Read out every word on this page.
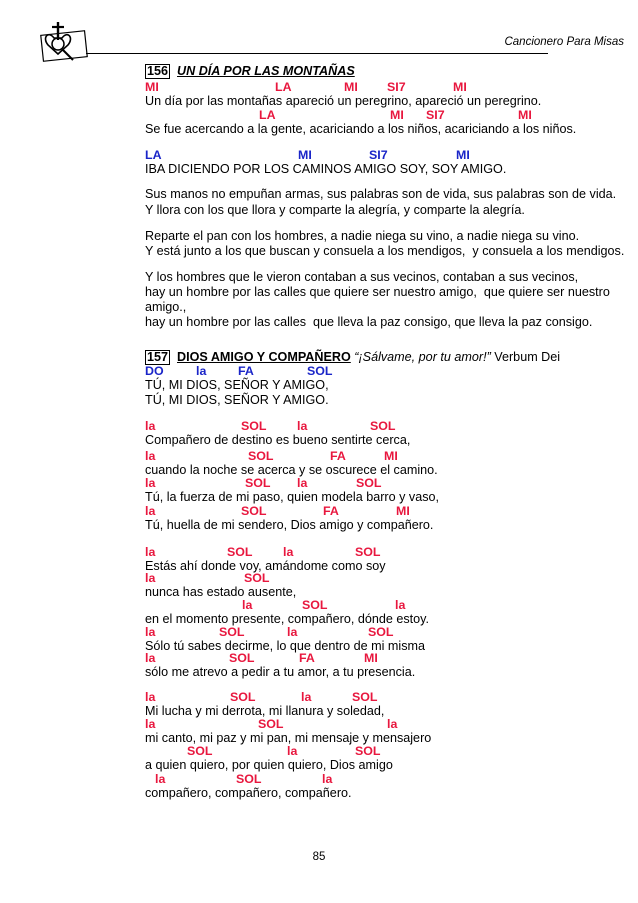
Cancionero Para Misas
156 UN DÍA POR LAS MONTAÑAS
MI	LA	MI SI7	MI
Un día por las montañas apareció un peregrino, apareció un peregrino.
LA	MI SI7	MI
Se fue acercando a la gente, acariciando a los niños, acariciando a los niños.
LA	MI	SI7	MI
IBA DICIENDO POR LOS CAMINOS AMIGO SOY, SOY AMIGO.
Sus manos no empuñan armas, sus palabras son de vida, sus palabras son de vida.
Y llora con los que llora y comparte la alegría, y comparte la alegría.
Reparte el pan con los hombres, a nadie niega su vino, a nadie niega su vino.
Y está junto a los que buscan y consuela a los mendigos,  y consuela a los mendigos.
Y los hombres que le vieron contaban a sus vecinos, contaban a sus vecinos,
hay un hombre por las calles que quiere ser nuestro amigo,  que quiere ser nuestro
amigo.,
hay un hombre por las calles  que lleva la paz consigo, que lleva la paz consigo.
157 DIOS AMIGO Y COMPAÑERO “¡Sálvame, por tu amor!” Verbum Dei
DO	la	FA	SOL
TÚ, MI DIOS, SEÑOR Y AMIGO,
TÚ, MI DIOS, SEÑOR Y AMIGO.
la	SOL la	SOL
Compañero de destino es bueno sentirte cerca,
la	SOL	FA	MI
cuando la noche se acerca y se oscurece el camino.
la	SOL la	SOL
Tú, la fuerza de mi paso, quien modela barro y vaso,
la	SOL	FA	MI
Tú, huella de mi sendero, Dios amigo y compañero.
la	SOL la	SOL
Estás ahí donde voy, amándome como soy
la	SOL
nunca has estado ausente,
la	SOL	la
en el momento presente, compañero, dónde estoy.
la	SOL	la	SOL
Sólo tú sabes decirme, lo que dentro de mi misma
la	SOL	FA	MI
sólo me atrevo a pedir a tu amor, a tu presencia.
la	SOL	la	SOL
Mi lucha y mi derrota, mi llanura y soledad,
la	SOL	la
mi canto, mi paz y mi pan, mi mensaje y mensajero
SOL	la	SOL
a quien quiero, por quien quiero, Dios amigo
la	SOL	la
compañero, compañero, compañero.
85
